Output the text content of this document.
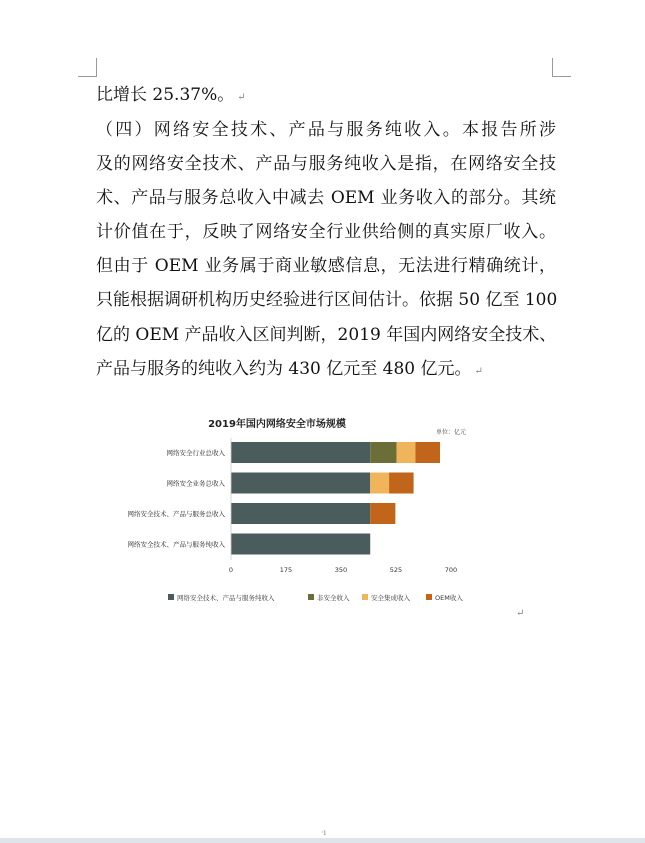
比增长 25.37%。 ↵
（四）网络安全技术、产品与服务纯收入。本报告所涉
及的网络安全技术、产品与服务纯收入是指，在网络安全技
术、产品与服务总收入中减去 OEM 业务收入的部分。其统
计价值在于，反映了网络安全行业供给侧的真实原厂收入。
但由于 OEM 业务属于商业敏感信息，无法进行精确统计，
只能根据调研机构历史经验进行区间估计。依据 50 亿至 100
亿的 OEM 产品收入区间判断，2019 年国内网络安全技术、
产品与服务的纯收入约为 430 亿元至 480 亿元。 ↵
2019年国内网络安全市场规模
单位：亿元
网络安全行业总收入
网络安全业务总收入
网络安全技术、产品与服务总收入
网络安全技术、产品与服务纯收入
0	175	350	525	700
网络安全技术、产品与服务纯收入	非安全收入	安全集成收入	OEM收入
↵
·ı
